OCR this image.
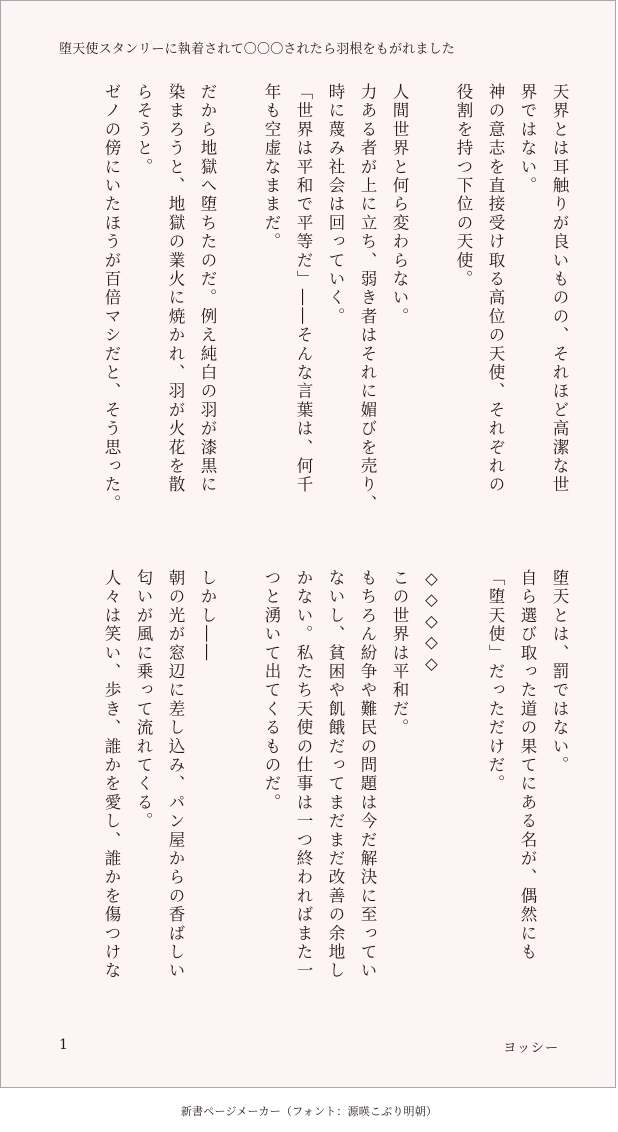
堕天使スタンリーに執着されて〇〇〇されたら羽根をもがれました
天界とは耳触りが良いものの、それほど高潔な世
界ではない。
神の意志を直接受け取る高位の天使、それぞれの
役割を持つ下位の天使。

人間世界と何ら変わらない。
力ある者が上に立ち、弱き者はそれに媚びを売り、
時に蔑み社会は回っていく。
「世界は平和で平等だ」――そんな言葉は、何千
年も空虚なままだ。

だから地獄へ堕ちたのだ。例え純白の羽が漆黒に
染まろうと、地獄の業火に焼かれ、羽が火花を散
らそうと。
ゼノの傍にいたほうが百倍マシだと、そう思った。
堕天とは、罰ではない。
自ら選び取った道の果てにある名が、偶然にも
「堕天使」だっただけだ。

◇◇◇◇◇
この世界は平和だ。
もちろん紛争や難民の問題は今だ解決に至ってい
ないし、貧困や飢餓だってまだまだ改善の余地し
かない。私たち天使の仕事は一つ終わればまた一
つと湧いて出てくるものだ。

しかし――
朝の光が窓辺に差し込み、パン屋からの香ばしい
匂いが風に乗って流れてくる。
人々は笑い、歩き、誰かを愛し、誰かを傷つけな
1	ヨッシー
新書ページメーカー（フォント：源暎こぶり明朝）
